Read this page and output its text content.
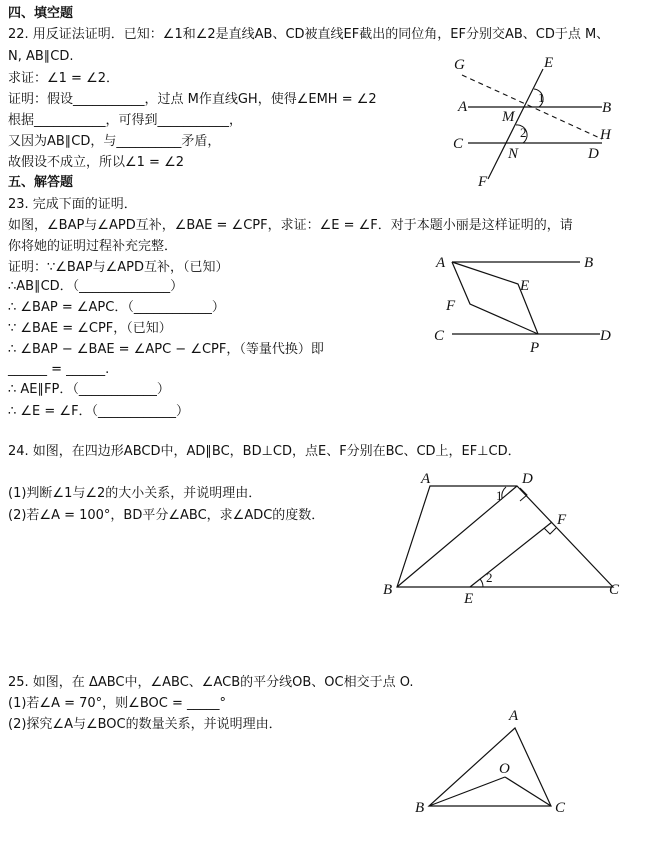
四、填空题
22. 用反证法证明．已知：∠1和∠2是直线AB、CD被直线EF截出的同位角，EF分别交AB、CD于点 M、
N, AB∥CD.
求证：∠1 = ∠2．
证明：假设___________，过点 M作直线GH，使得∠EMH = ∠2
根据___________，可得到___________，
又因为AB∥CD，与__________矛盾，
故假设不成立，所以∠1 = ∠2
G	E
A	B
M
1
2	H
C
N	D
F
五、解答题
23. 完成下面的证明．
如图，∠BAP与∠APD互补，∠BAE = ∠CPF，求证：∠E = ∠F．对于本题小丽是这样证明的，请
你将她的证明过程补充完整．
证明：∵∠BAP与∠APD互补，（已知）
∴AB∥CD．（______________）
∴ ∠BAP = ∠APC．（____________）
∵ ∠BAE = ∠CPF，（已知）
∴ ∠BAP − ∠BAE = ∠APC − ∠CPF，（等量代换）即
______ = ______.
∴ AE∥FP．（____________）
∴ ∠E = ∠F．（____________）
A	B
E
F
C
P
D
24. 如图，在四边形ABCD中，AD∥BC，BD⊥CD，点E、F分别在BC、CD上，EF⊥CD．
(1)判断∠1与∠2的大小关系，并说明理由．
(2)若∠A = 100°，BD平分∠ABC，求∠ADC的度数．
A	D
1
F
B
2
E
C
25. 如图，在 ΔABC中，∠ABC、∠ACB的平分线OB、OC相交于点 O.
(1)若∠A = 70°，则∠BOC = _____°
(2)探究∠A与∠BOC的数量关系，并说明理由．
A
O
B	C
